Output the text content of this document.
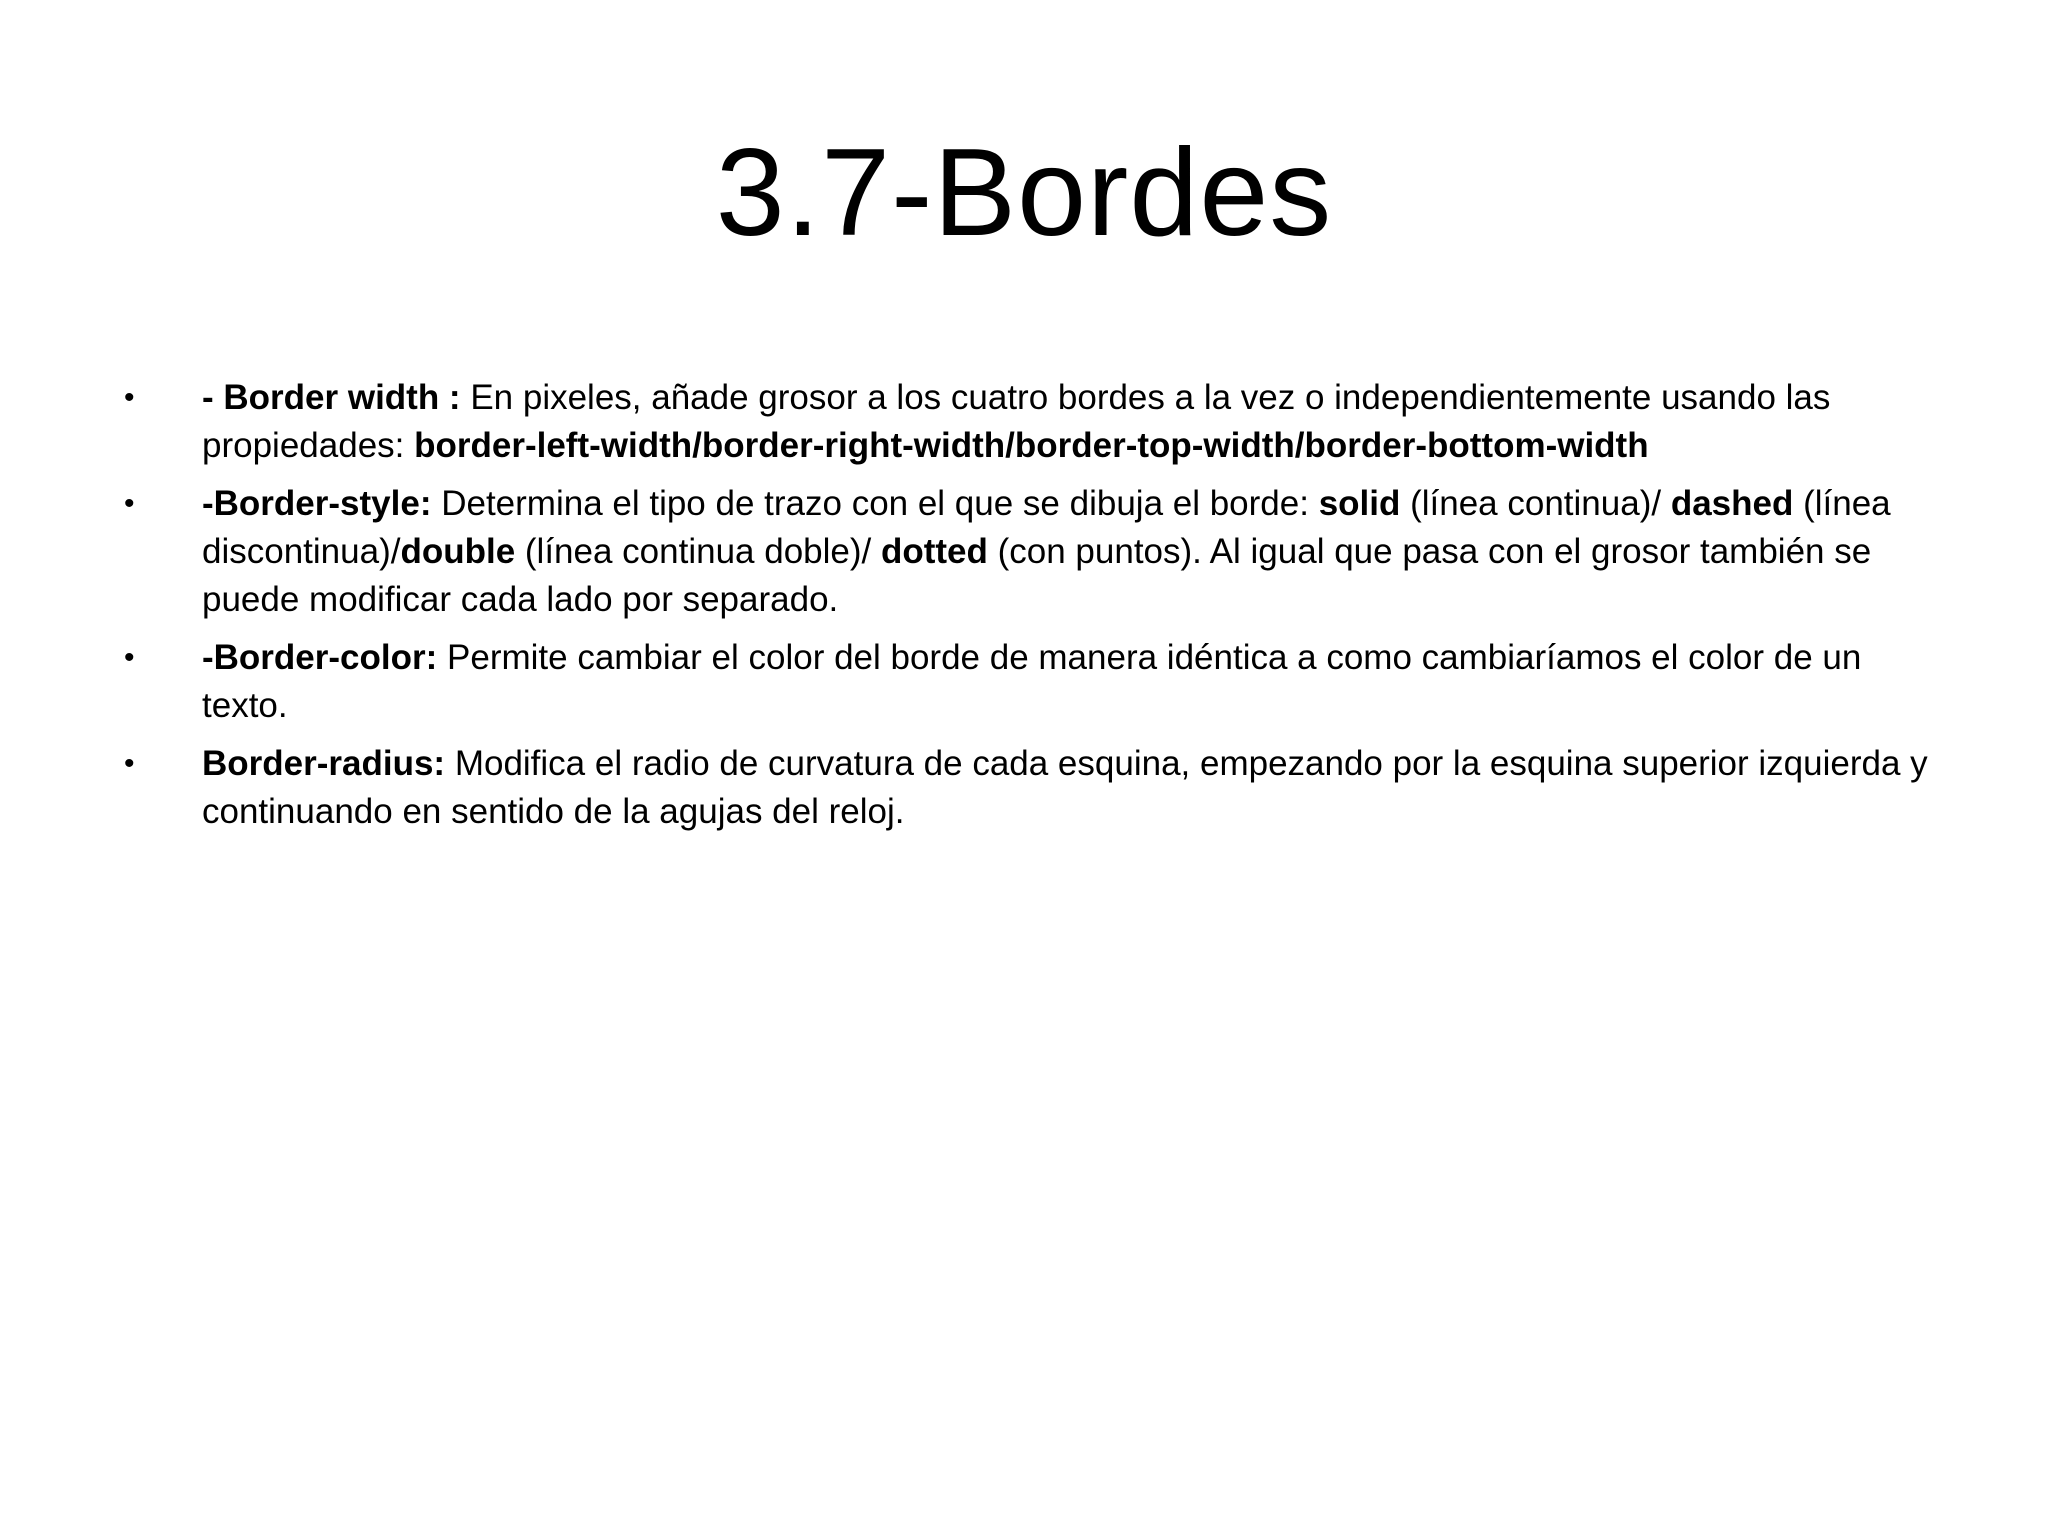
3.7-Bordes
•	- Border width : En pixeles, añade grosor a los cuatro bordes a la vez o independientemente usando las propiedades: border-left-width/border-right-width/border-top-width/border-bottom-width
•	-Border-style: Determina el tipo de trazo con el que se dibuja el borde: solid (línea continua)/ dashed (línea discontinua)/double (línea continua doble)/ dotted (con puntos). Al igual que pasa con el grosor también se puede modificar cada lado por separado.
•	-Border-color: Permite cambiar el color del borde de manera idéntica a como cambiaríamos el color de un texto.
•	Border-radius: Modifica el radio de curvatura de cada esquina, empezando por la esquina superior izquierda y continuando en sentido de la agujas del reloj.
